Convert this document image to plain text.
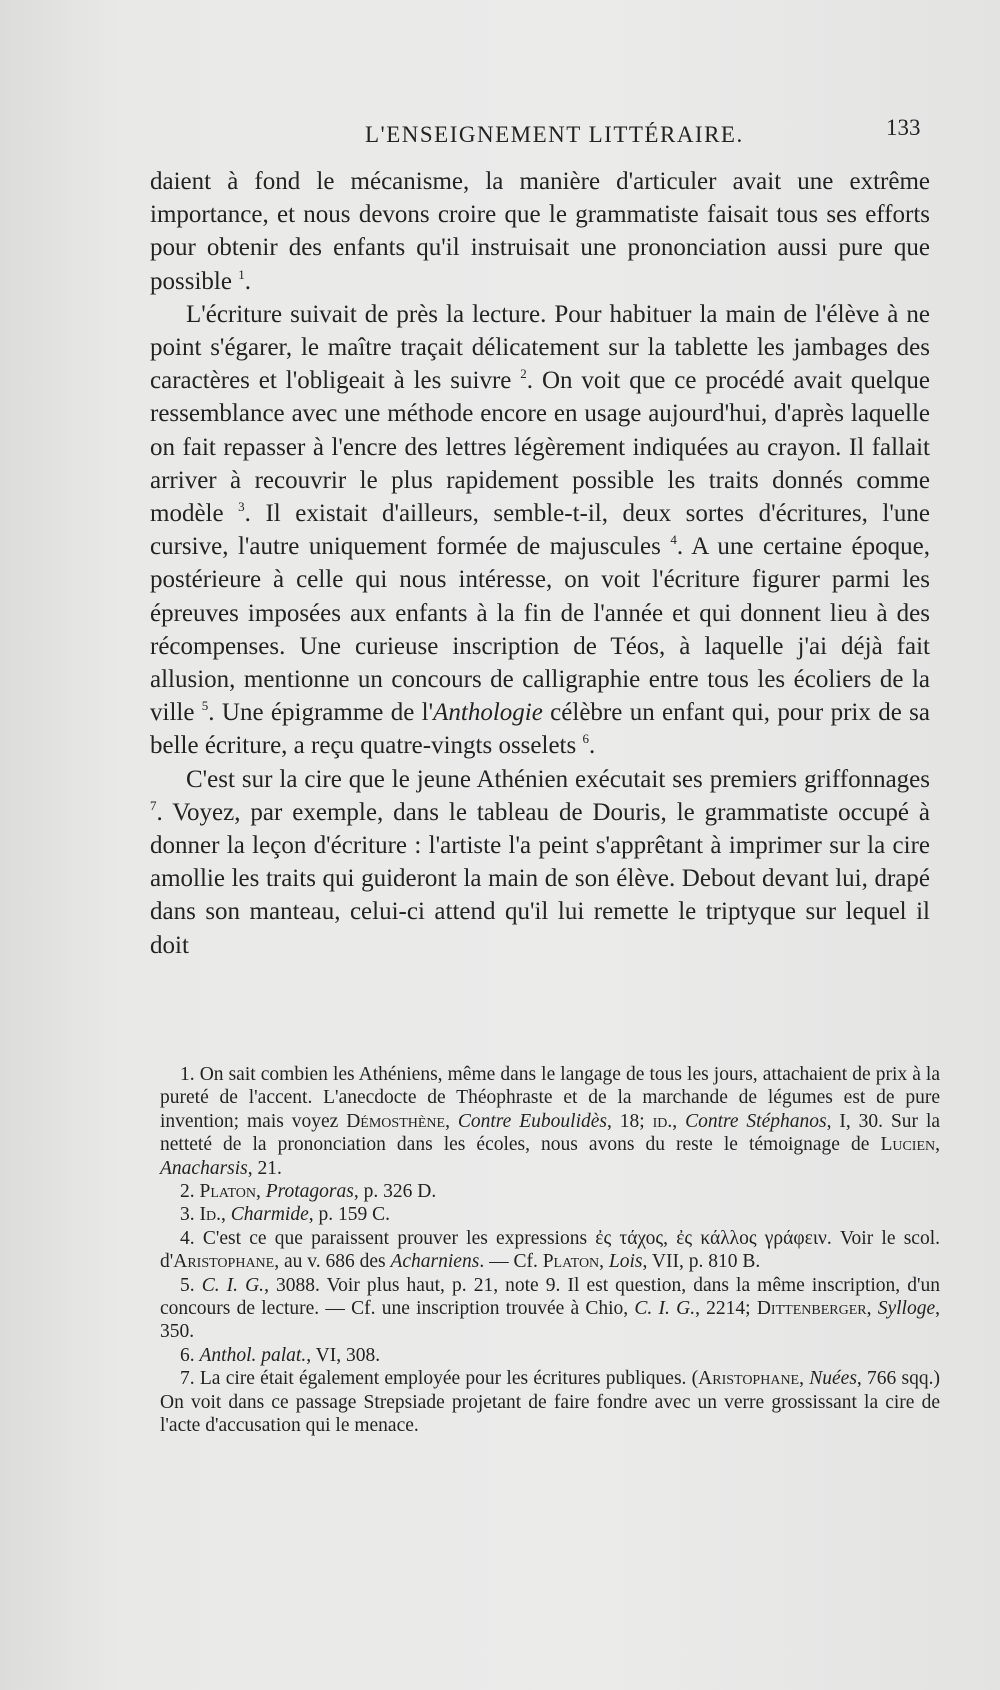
L'ENSEIGNEMENT LITTÉRAIRE.	133

daient à fond le mécanisme, la manière d'articuler avait une extrême importance, et nous devons croire que le grammatiste faisait tous ses efforts pour obtenir des enfants qu'il instruisait une prononciation aussi pure que possible $^1$.

L'écriture suivait de près la lecture. Pour habituer la main de l'élève à ne point s'égarer, le maître traçait délicatement sur la tablette les jambages des caractères et l'obligeait à les suivre $^2$. On voit que ce procédé avait quelque ressemblance avec une méthode encore en usage aujourd'hui, d'après laquelle on fait repasser à l'encre des lettres légèrement indiquées au crayon. Il fallait arriver à recouvrir le plus rapidement possible les traits donnés comme modèle $^3$. Il existait d'ailleurs, semble-t-il, deux sortes d'écritures, l'une cursive, l'autre uniquement formée de majuscules $^4$. A une certaine époque, postérieure à celle qui nous intéresse, on voit l'écriture figurer parmi les épreuves imposées aux enfants à la fin de l'année et qui donnent lieu à des récompenses. Une curieuse inscription de Téos, à laquelle j'ai déjà fait allusion, mentionne un concours de calligraphie entre tous les écoliers de la ville $^5$. Une épigramme de l'Anthologie célèbre un enfant qui, pour prix de sa belle écriture, a reçu quatre-vingts osselets $^6$.

C'est sur la cire que le jeune Athénien exécutait ses premiers griffonnages $^7$. Voyez, par exemple, dans le tableau de Douris, le grammatiste occupé à donner la leçon d'écriture : l'artiste l'a peint s'apprêtant à imprimer sur la cire amollie les traits qui guideront la main de son élève. Debout devant lui, drapé dans son manteau, celui-ci attend qu'il lui remette le triptyque sur lequel il doit

1. On sait combien les Athéniens, même dans le langage de tous les jours, attachaient de prix à la pureté de l'accent. L'anecdocte de Théophraste et de la marchande de légumes est de pure invention; mais voyez Démosthène, Contre Euboulidès, 18; id., Contre Stéphanos, I, 30. Sur la netteté de la prononciation dans les écoles, nous avons du reste le témoignage de Lucien, Anacharsis, 21.

2. Platon, Protagoras, p. 326 D.

3. Id., Charmide, p. 159 C.

4. C'est ce que paraissent prouver les expressions ἐς τάχος, ἐς κάλλος γράφειν. Voir le scol. d'Aristophane, au v. 686 des Acharniens. — Cf. Platon, Lois, VII, p. 810 B.

5. C. I. G., 3088. Voir plus haut, p. 21, note 9. Il est question, dans la même inscription, d'un concours de lecture. — Cf. une inscription trouvée à Chio, C. I. G., 2214; Dittenberger, Sylloge, 350.

6. Anthol. palat., VI, 308.

7. La cire était également employée pour les écritures publiques. (Aristophane, Nuées, 766 sqq.) On voit dans ce passage Strepsiade projetant de faire fondre avec un verre grossissant la cire de l'acte d'accusation qui le menace.
